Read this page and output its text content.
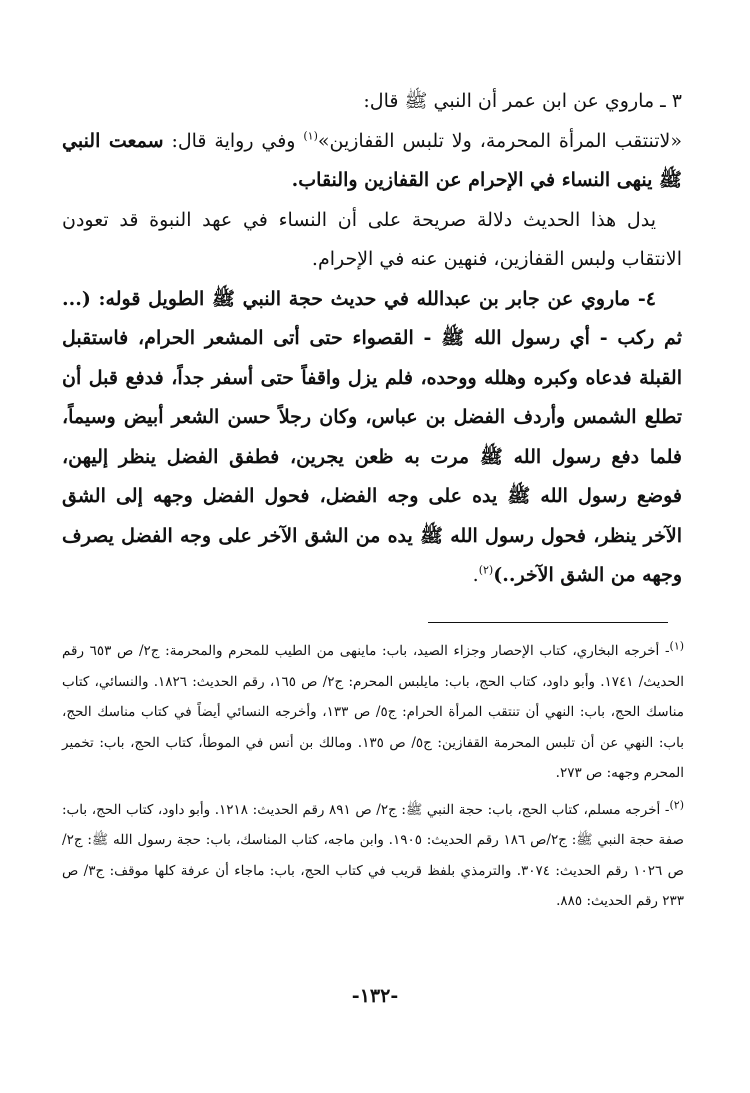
٣ ـ ماروي عن ابن عمر أن النبي ﷺ قال:

«لاتنتقب المرأة المحرمة، ولا تلبس القفازين»$^{(١)}$ وفي رواية قال: سمعت النبي ﷺ ينهى النساء في الإحرام عن القفازين والنقاب.

يدل هذا الحديث دلالة صريحة على أن النساء في عهد النبوة قد تعودن الانتقاب ولبس القفازين، فنهين عنه في الإحرام.

٤- ماروي عن جابر بن عبدالله في حديث حجة النبي ﷺ الطويل قوله: (... ثم ركب - أي رسول الله ﷺ - القصواء حتى أتى المشعر الحرام، فاستقبل القبلة فدعاه وكبره وهلله ووحده، فلم يزل واقفاً حتى أسفر جداً، فدفع قبل أن تطلع الشمس وأردف الفضل بن عباس، وكان رجلاً حسن الشعر أبيض وسيماً، فلما دفع رسول الله ﷺ مرت به ظعن يجرين، فطفق الفضل ينظر إليهن، فوضع رسول الله ﷺ يده على وجه الفضل، فحول الفضل وجهه إلى الشق الآخر ينظر، فحول رسول الله ﷺ يده من الشق الآخر على وجه الفضل يصرف وجهه من الشق الآخر..)$^{(٢)}$.

$^{(١)}$- أخرجه البخاري، كتاب الإحصار وجزاء الصيد، باب: ماينهى من الطيب للمحرم والمحرمة: ج٢/ ص ٦٥٣ رقم الحديث/ ١٧٤١. وأبو داود، كتاب الحج، باب: مايلبس المحرم: ج٢/ ص ١٦٥، رقم الحديث: ١٨٢٦. والنسائي، كتاب مناسك الحج، باب: النهي أن تنتقب المرأة الحرام: ج٥/ ص ١٣٣، وأخرجه النسائي أيضاً في كتاب مناسك الحج، باب: النهي عن أن تلبس المحرمة القفازين: ج٥/ ص ١٣٥. ومالك بن أنس في الموطأ، كتاب الحج، باب: تخمير المحرم وجهه: ص ٢٧٣.

$^{(٢)}$- أخرجه مسلم، كتاب الحج، باب: حجة النبي ﷺ: ج٢/ ص ٨٩١ رقم الحديث: ١٢١٨. وأبو داود، كتاب الحج، باب: صفة حجة النبي ﷺ: ج٢/ص ١٨٦ رقم الحديث: ١٩٠٥. وابن ماجه، كتاب المناسك، باب: حجة رسول الله ﷺ: ج٢/ ص ١٠٢٦ رقم الحديث: ٣٠٧٤. والترمذي بلفظ قريب في كتاب الحج، باب: ماجاء أن عرفة كلها موقف: ج٣/ ص ٢٣٣ رقم الحديث: ٨٨٥.

-١٣٢-
